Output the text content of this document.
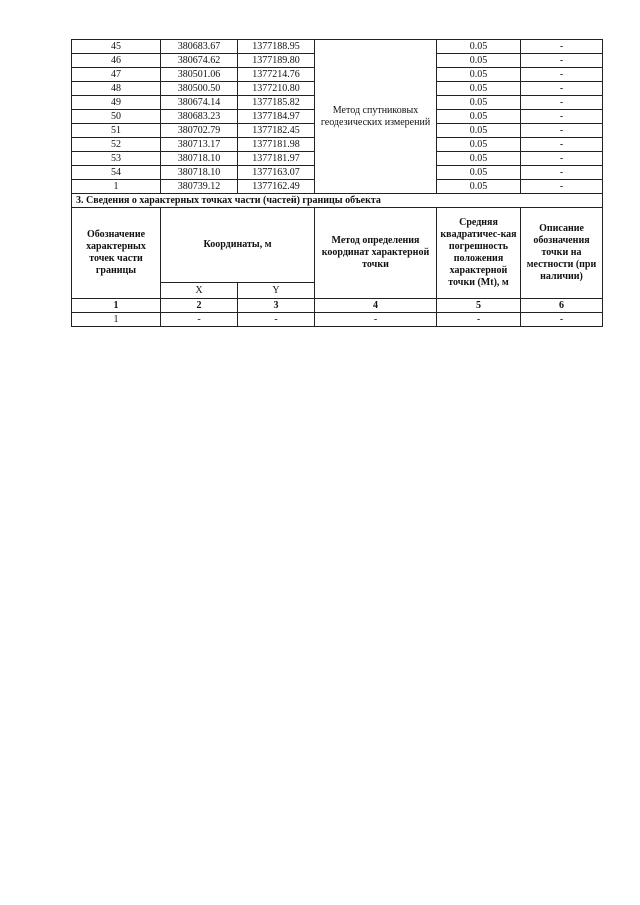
45	380683.67	1377188.95	Метод спутниковых геодезических измерений	0.05	-
46	380674.62	1377189.80		0.05	-
47	380501.06	1377214.76		0.05	-
48	380500.50	1377210.80		0.05	-
49	380674.14	1377185.82		0.05	-
50	380683.23	1377184.97		0.05	-
51	380702.79	1377182.45		0.05	-
52	380713.17	1377181.98		0.05	-
53	380718.10	1377181.97		0.05	-
54	380718.10	1377163.07		0.05	-
1	380739.12	1377162.49		0.05	-
3. Сведения о характерных точках части (частей) границы объекта					
Обозначение характерных точек части границы	Координаты, м		Метод определения координат характерной точки	Средняя квадратичес-кая погрешность положения характерной точки (Mt), м	Описание обозначения точки на местности (при наличии)
	X	Y			
1	2	3	4	5	6
1	-	-	-	-	-
